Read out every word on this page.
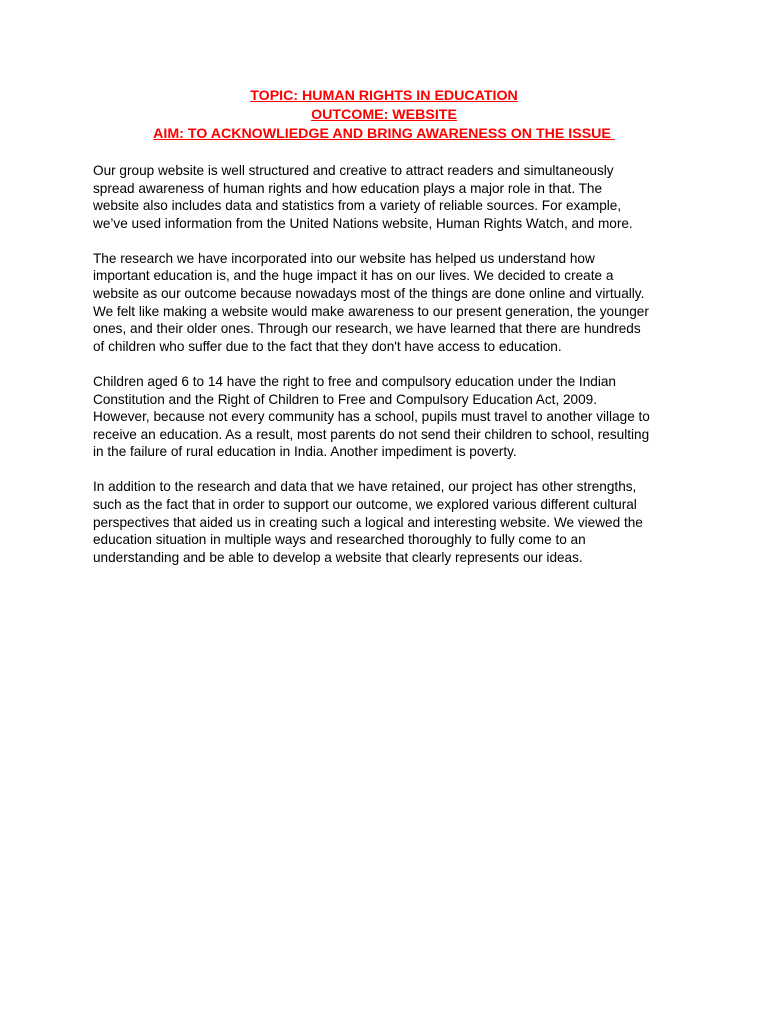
TOPIC: HUMAN RIGHTS IN EDUCATION
OUTCOME: WEBSITE
AIM: TO ACKNOWLIEDGE AND BRING AWARENESS ON THE ISSUE
Our group website is well structured and creative to attract readers and simultaneously
spread awareness of human rights and how education plays a major role in that. The
website also includes data and statistics from a variety of reliable sources. For example,
we’ve used information from the United Nations website, Human Rights Watch, and more.
The research we have incorporated into our website has helped us understand how
important education is, and the huge impact it has on our lives. We decided to create a
website as our outcome because nowadays most of the things are done online and virtually.
We felt like making a website would make awareness to our present generation, the younger
ones, and their older ones. Through our research, we have learned that there are hundreds
of children who suffer due to the fact that they don't have access to education.
Children aged 6 to 14 have the right to free and compulsory education under the Indian
Constitution and the Right of Children to Free and Compulsory Education Act, 2009.
However, because not every community has a school, pupils must travel to another village to
receive an education. As a result, most parents do not send their children to school, resulting
in the failure of rural education in India. Another impediment is poverty.
In addition to the research and data that we have retained, our project has other strengths,
such as the fact that in order to support our outcome, we explored various different cultural
perspectives that aided us in creating such a logical and interesting website. We viewed the
education situation in multiple ways and researched thoroughly to fully come to an
understanding and be able to develop a website that clearly represents our ideas.
